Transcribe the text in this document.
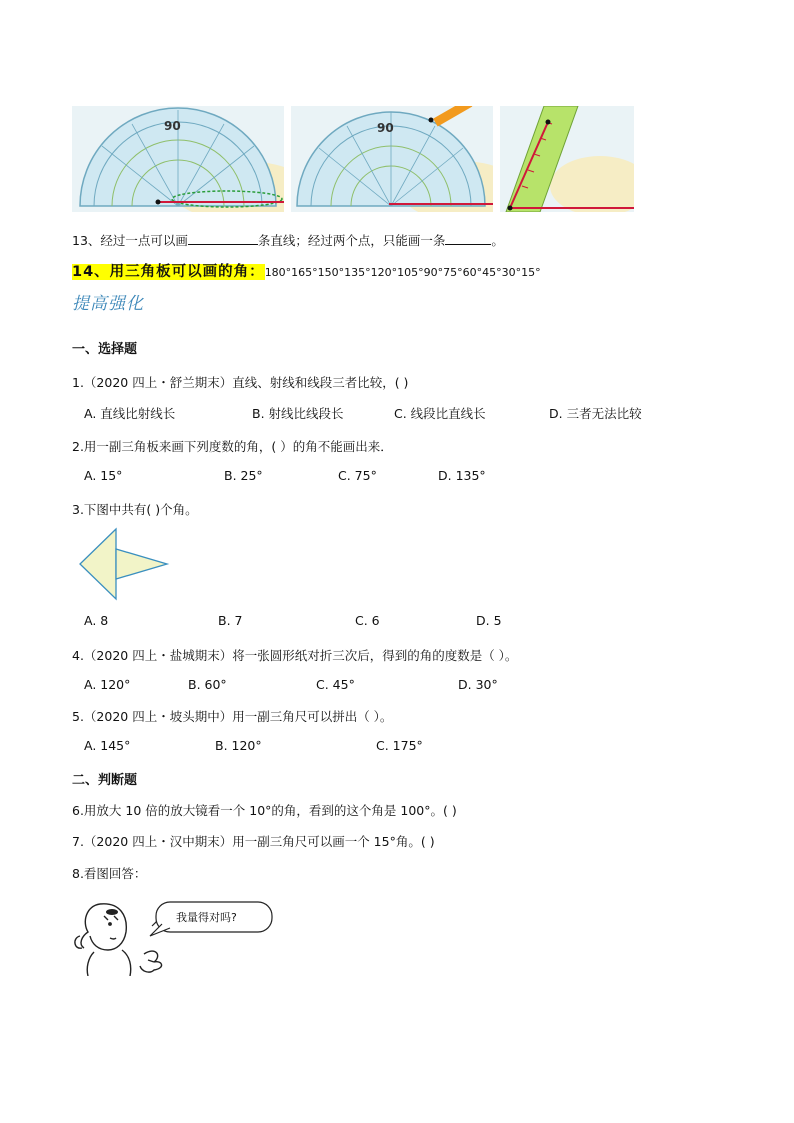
90	90
13、经过一点可以画	条直线；经过两个点，只能画一条	。
14、用三角板可以画的角：180°165°150°135°120°105°90°75°60°45°30°15°
提高强化
一、选择题
1.（2020 四上・舒兰期末）直线、射线和线段三者比较，( )
A. 直线比射线长	B. 射线比线段长	C. 线段比直线长	D. 三者无法比较
2.用一副三角板来画下列度数的角，( ）的角不能画出来．
A. 15°	B. 25°	C. 75°	D. 135°
3.下图中共有( )个角。
A. 8	B. 7	C. 6	D. 5
4.（2020 四上・盐城期末）将一张圆形纸对折三次后，得到的角的度数是（ ）。
A. 120°	B. 60°	C. 45°	D. 30°
5.（2020 四上・坡头期中）用一副三角尺可以拼出（ ）。
A. 145°	B. 120°	C. 175°
二、判断题
6.用放大 10 倍的放大镜看一个 10°的角，看到的这个角是 100°。( )
7.（2020 四上・汉中期末）用一副三角尺可以画一个 15°角。( )
8.看图回答：
我量得对吗?
